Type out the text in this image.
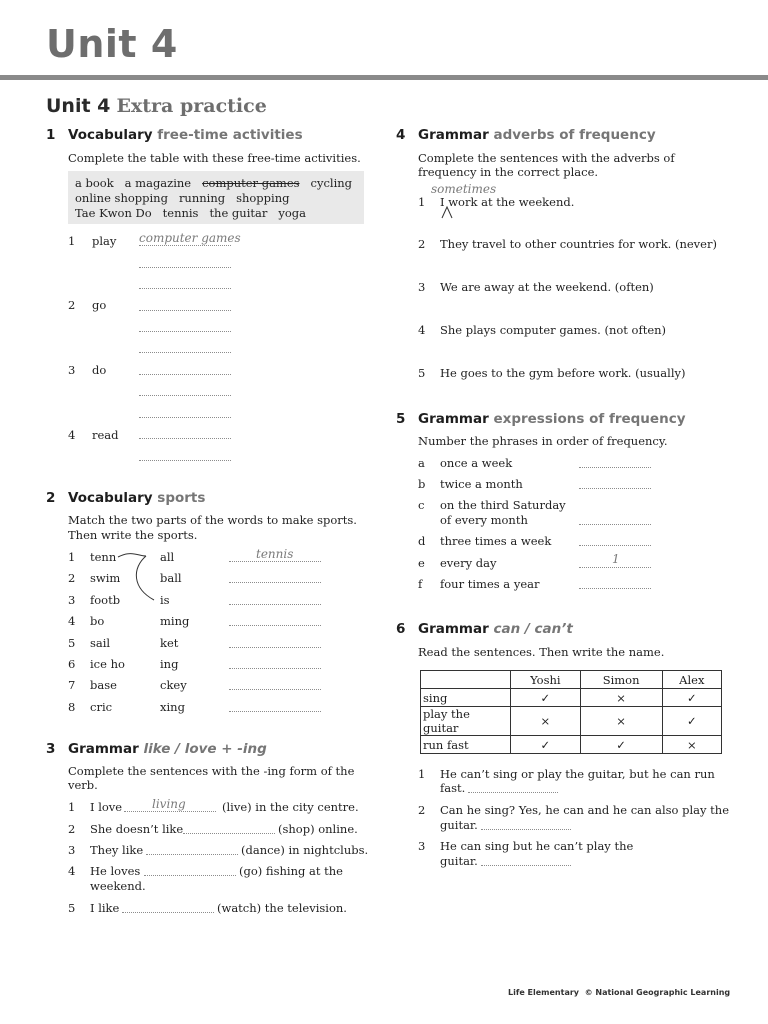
Unit 4
Unit 4 Extra practice
1 Vocabulary free-time activities
Complete the table with these free-time activities.
a book a magazine computer games cycling
online shopping running shopping
Tae Kwon Do tennis the guitar yoga
1 play computer games
2 go
3 do
4 read
2 Vocabulary sports
Match the two parts of the words to make sports.
Then write the sports.
1 tenn	all	tennis
2 swim	ball
3 footb	is
4 bo	ming
5 sail	ket
6 ice ho	ing
7 base	ckey
8 cric	xing
3 Grammar like / love + -ing
Complete the sentences with the -ing form of the
verb.
1 I love living	(live) in the city centre.
2 She doesn’t like	(shop) online.
3 They like	(dance) in nightclubs.
4 He loves	(go) fishing at the
weekend.
5 I like	(watch) the television.
4 Grammar adverbs of frequency
Complete the sentences with the adverbs of
frequency in the correct place.
sometimes
1 I work at the weekend.
2 They travel to other countries for work. (never)
3 We are away at the weekend. (often)
4 She plays computer games. (not often)
5 He goes to the gym before work. (usually)
5 Grammar expressions of frequency
Number the phrases in order of frequency.
a once a week
b twice a month
c on the third Saturday
of every month
d three times a week
e every day	1
f four times a year
6 Grammar can / can’t
Read the sentences. Then write the name.
	Yoshi	Simon	Alex
sing	✓	×	✓
play the guitar	×	×	✓
run fast	✓	✓	×
1 He can’t sing or play the guitar, but he can run
fast.
2 Can he sing? Yes, he can and he can also play the
guitar.
3 He can sing but he can’t play the
guitar.
Life Elementary © National Geographic Learning
